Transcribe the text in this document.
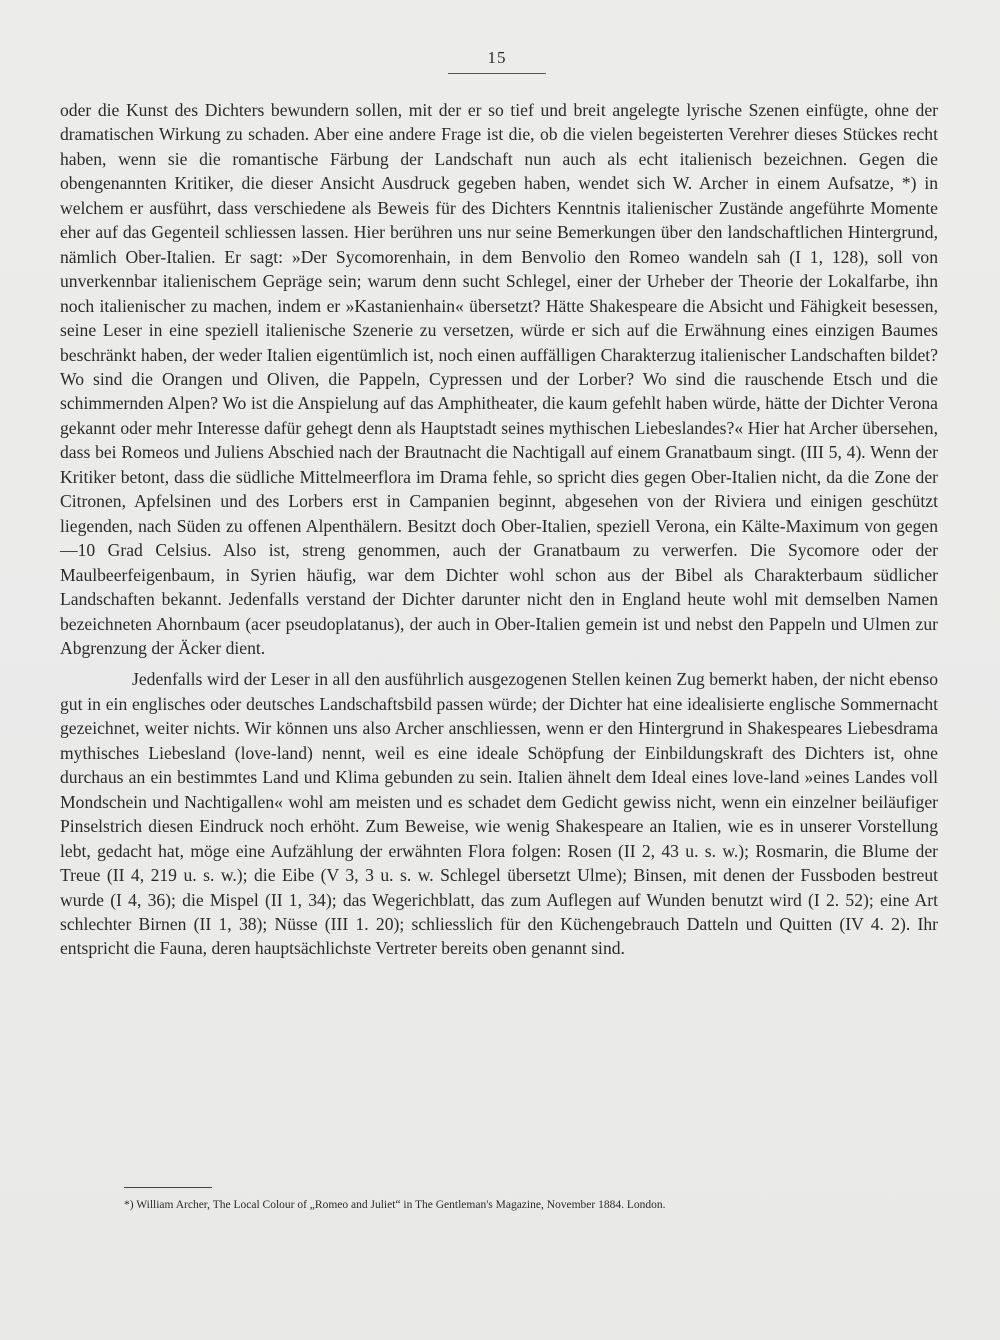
15

oder die Kunst des Dichters bewundern sollen, mit der er so tief und breit angelegte lyrische Szenen einfügte, ohne der dramatischen Wirkung zu schaden. Aber eine andere Frage ist die, ob die vielen begeisterten Verehrer dieses Stückes recht haben, wenn sie die romantische Färbung der Landschaft nun auch als echt italienisch bezeichnen. Gegen die obengenannten Kritiker, die dieser Ansicht Ausdruck gegeben haben, wendet sich W. Archer in einem Aufsatze, *) in welchem er ausführt, dass verschiedene als Beweis für des Dichters Kenntnis italienischer Zustände angeführte Momente eher auf das Gegenteil schliessen lassen. Hier berühren uns nur seine Bemerkungen über den landschaftlichen Hintergrund, nämlich Ober-Italien. Er sagt: »Der Sycomorenhain, in dem Benvolio den Romeo wandeln sah (I 1, 128), soll von unverkennbar italienischem Gepräge sein; warum denn sucht Schlegel, einer der Urheber der Theorie der Lokalfarbe, ihn noch italienischer zu machen, indem er »Kastanienhain« übersetzt? Hätte Shakespeare die Absicht und Fähigkeit besessen, seine Leser in eine speziell italienische Szenerie zu versetzen, würde er sich auf die Erwähnung eines einzigen Baumes beschränkt haben, der weder Italien eigentümlich ist, noch einen auffälligen Charakterzug italienischer Landschaften bildet? Wo sind die Orangen und Oliven, die Pappeln, Cypressen und der Lorber? Wo sind die rauschende Etsch und die schimmernden Alpen? Wo ist die Anspielung auf das Amphitheater, die kaum gefehlt haben würde, hätte der Dichter Verona gekannt oder mehr Interesse dafür gehegt denn als Hauptstadt seines mythischen Liebeslandes?« Hier hat Archer übersehen, dass bei Romeos und Juliens Abschied nach der Brautnacht die Nachtigall auf einem Granatbaum singt. (III 5, 4). Wenn der Kritiker betont, dass die südliche Mittelmeerflora im Drama fehle, so spricht dies gegen Ober-Italien nicht, da die Zone der Citronen, Apfelsinen und des Lorbers erst in Campanien beginnt, abgesehen von der Riviera und einigen geschützt liegenden, nach Süden zu offenen Alpenthälern. Besitzt doch Ober-Italien, speziell Verona, ein Kälte-Maximum von gegen —10 Grad Celsius. Also ist, streng genommen, auch der Granatbaum zu verwerfen. Die Sycomore oder der Maulbeerfeigenbaum, in Syrien häufig, war dem Dichter wohl schon aus der Bibel als Charakterbaum südlicher Landschaften bekannt. Jedenfalls verstand der Dichter darunter nicht den in England heute wohl mit demselben Namen bezeichneten Ahornbaum (acer pseudoplatanus), der auch in Ober-Italien gemein ist und nebst den Pappeln und Ulmen zur Abgrenzung der Äcker dient.

Jedenfalls wird der Leser in all den ausführlich ausgezogenen Stellen keinen Zug bemerkt haben, der nicht ebenso gut in ein englisches oder deutsches Landschaftsbild passen würde; der Dichter hat eine idealisierte englische Sommernacht gezeichnet, weiter nichts. Wir können uns also Archer anschliessen, wenn er den Hintergrund in Shakespeares Liebesdrama mythisches Liebesland (love-land) nennt, weil es eine ideale Schöpfung der Einbildungskraft des Dichters ist, ohne durchaus an ein bestimmtes Land und Klima gebunden zu sein. Italien ähnelt dem Ideal eines love-land »eines Landes voll Mondschein und Nachtigallen« wohl am meisten und es schadet dem Gedicht gewiss nicht, wenn ein einzelner beiläufiger Pinselstrich diesen Eindruck noch erhöht. Zum Beweise, wie wenig Shakespeare an Italien, wie es in unserer Vorstellung lebt, gedacht hat, möge eine Aufzählung der erwähnten Flora folgen: Rosen (II 2, 43 u. s. w.); Rosmarin, die Blume der Treue (II 4, 219 u. s. w.); die Eibe (V 3, 3 u. s. w. Schlegel übersetzt Ulme); Binsen, mit denen der Fussboden bestreut wurde (I 4, 36); die Mispel (II 1, 34); das Wegerichblatt, das zum Auflegen auf Wunden benutzt wird (I 2. 52); eine Art schlechter Birnen (II 1, 38); Nüsse (III 1. 20); schliesslich für den Küchengebrauch Datteln und Quitten (IV 4. 2). Ihr entspricht die Fauna, deren hauptsächlichste Vertreter bereits oben genannt sind.

*) William Archer, The Local Colour of „Romeo and Juliet“ in The Gentleman's Magazine, November 1884. London.
